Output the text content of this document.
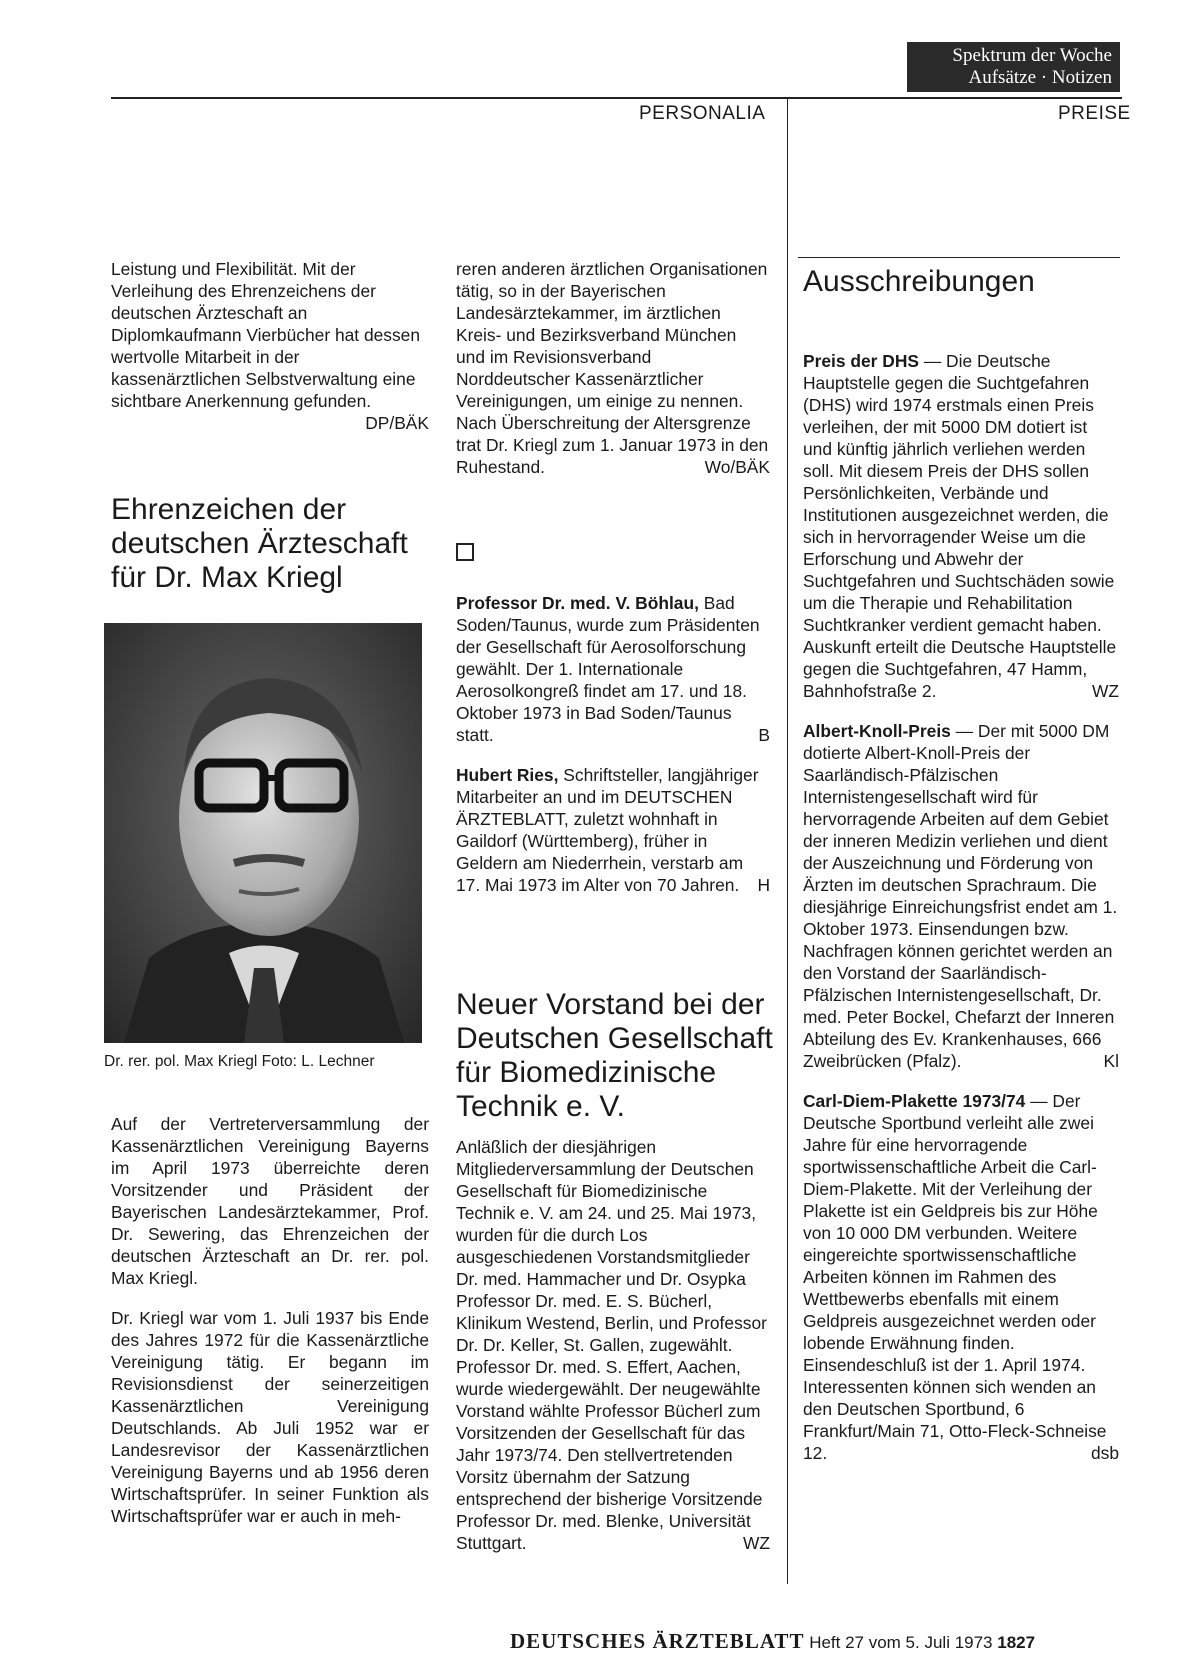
Spektrum der Woche
Aufsätze · Notizen
PERSONALIA	PREISE

Leistung und Flexibilität. Mit der Verleihung des Ehrenzeichens der deutschen Ärzteschaft an Diplomkaufmann Vierbücher hat dessen wertvolle Mitarbeit in der kassenärztlichen Selbstverwaltung eine sichtbare Anerkennung gefunden.
DP/BÄK

Ehrenzeichen der
deutschen Ärzteschaft
für Dr. Max Kriegl
Dr. rer. pol. Max Kriegl Foto: L. Lechner

Auf der Vertreterversammlung der Kassenärztlichen Vereinigung Bayerns im April 1973 überreichte deren Vorsitzender und Präsident der Bayerischen Landesärztekammer, Prof. Dr. Sewering, das Ehrenzeichen der deutschen Ärzteschaft an Dr. rer. pol. Max Kriegl.

Dr. Kriegl war vom 1. Juli 1937 bis Ende des Jahres 1972 für die Kassenärztliche Vereinigung tätig. Er begann im Revisionsdienst der seinerzeitigen Kassenärztlichen Vereinigung Deutschlands. Ab Juli 1952 war er Landesrevisor der Kassenärztlichen Vereinigung Bayerns und ab 1956 deren Wirtschaftsprüfer. In seiner Funktion als Wirtschaftsprüfer war er auch in meh-

reren anderen ärztlichen Organisationen tätig, so in der Bayerischen Landesärztekammer, im ärztlichen Kreis- und Bezirksverband München und im Revisionsverband Norddeutscher Kassenärztlicher Vereinigungen, um einige zu nennen. Nach Überschreitung der Altersgrenze trat Dr. Kriegl zum 1. Januar 1973 in den Ruhestand.	Wo/BÄK

Professor Dr. med. V. Böhlau, Bad Soden/Taunus, wurde zum Präsidenten der Gesellschaft für Aerosolforschung gewählt. Der 1. Internationale Aerosolkongreß findet am 17. und 18. Oktober 1973 in Bad Soden/Taunus statt.	B

Hubert Ries, Schriftsteller, langjähriger Mitarbeiter an und im DEUTSCHEN ÄRZTEBLATT, zuletzt wohnhaft in Gaildorf (Württemberg), früher in Geldern am Niederrhein, verstarb am 17. Mai 1973 im Alter von 70 Jahren. H

Neuer Vorstand bei der
Deutschen Gesellschaft
für Biomedizinische
Technik e. V.

Anläßlich der diesjährigen Mitgliederversammlung der Deutschen Gesellschaft für Biomedizinische Technik e. V. am 24. und 25. Mai 1973, wurden für die durch Los ausgeschiedenen Vorstandsmitglieder Dr. med. Hammacher und Dr. Osypka Professor Dr. med. E. S. Bücherl, Klinikum Westend, Berlin, und Professor Dr. Dr. Keller, St. Gallen, zugewählt. Professor Dr. med. S. Effert, Aachen, wurde wiedergewählt. Der neugewählte Vorstand wählte Professor Bücherl zum Vorsitzenden der Gesellschaft für das Jahr 1973/74. Den stellvertretenden Vorsitz übernahm der Satzung entsprechend der bisherige Vorsitzende Professor Dr. med. Blenke, Universität Stuttgart.	WZ

Ausschreibungen

Preis der DHS — Die Deutsche Hauptstelle gegen die Suchtgefahren (DHS) wird 1974 erstmals einen Preis verleihen, der mit 5000 DM dotiert ist und künftig jährlich verliehen werden soll. Mit diesem Preis der DHS sollen Persönlichkeiten, Verbände und Institutionen ausgezeichnet werden, die sich in hervorragender Weise um die Erforschung und Abwehr der Suchtgefahren und Suchtschäden sowie um die Therapie und Rehabilitation Suchtkranker verdient gemacht haben. Auskunft erteilt die Deutsche Hauptstelle gegen die Suchtgefahren, 47 Hamm, Bahnhofstraße 2.	WZ

Albert-Knoll-Preis — Der mit 5000 DM dotierte Albert-Knoll-Preis der Saarländisch-Pfälzischen Internistengesellschaft wird für hervorragende Arbeiten auf dem Gebiet der inneren Medizin verliehen und dient der Auszeichnung und Förderung von Ärzten im deutschen Sprachraum. Die diesjährige Einreichungsfrist endet am 1. Oktober 1973. Einsendungen bzw. Nachfragen können gerichtet werden an den Vorstand der Saarländisch-Pfälzischen Internistengesellschaft, Dr. med. Peter Bockel, Chefarzt der Inneren Abteilung des Ev. Krankenhauses, 666 Zweibrücken (Pfalz).	Kl

Carl-Diem-Plakette 1973/74 — Der Deutsche Sportbund verleiht alle zwei Jahre für eine hervorragende sportwissenschaftliche Arbeit die Carl-Diem-Plakette. Mit der Verleihung der Plakette ist ein Geldpreis bis zur Höhe von 10 000 DM verbunden. Weitere eingereichte sportwissenschaftliche Arbeiten können im Rahmen des Wettbewerbs ebenfalls mit einem Geldpreis ausgezeichnet werden oder lobende Erwähnung finden. Einsendeschluß ist der 1. April 1974. Interessenten können sich wenden an den Deutschen Sportbund, 6 Frankfurt/Main 71, Otto-Fleck-Schneise 12.	dsb

DEUTSCHES ÄRZTEBLATT Heft 27 vom 5. Juli 1973 1827
